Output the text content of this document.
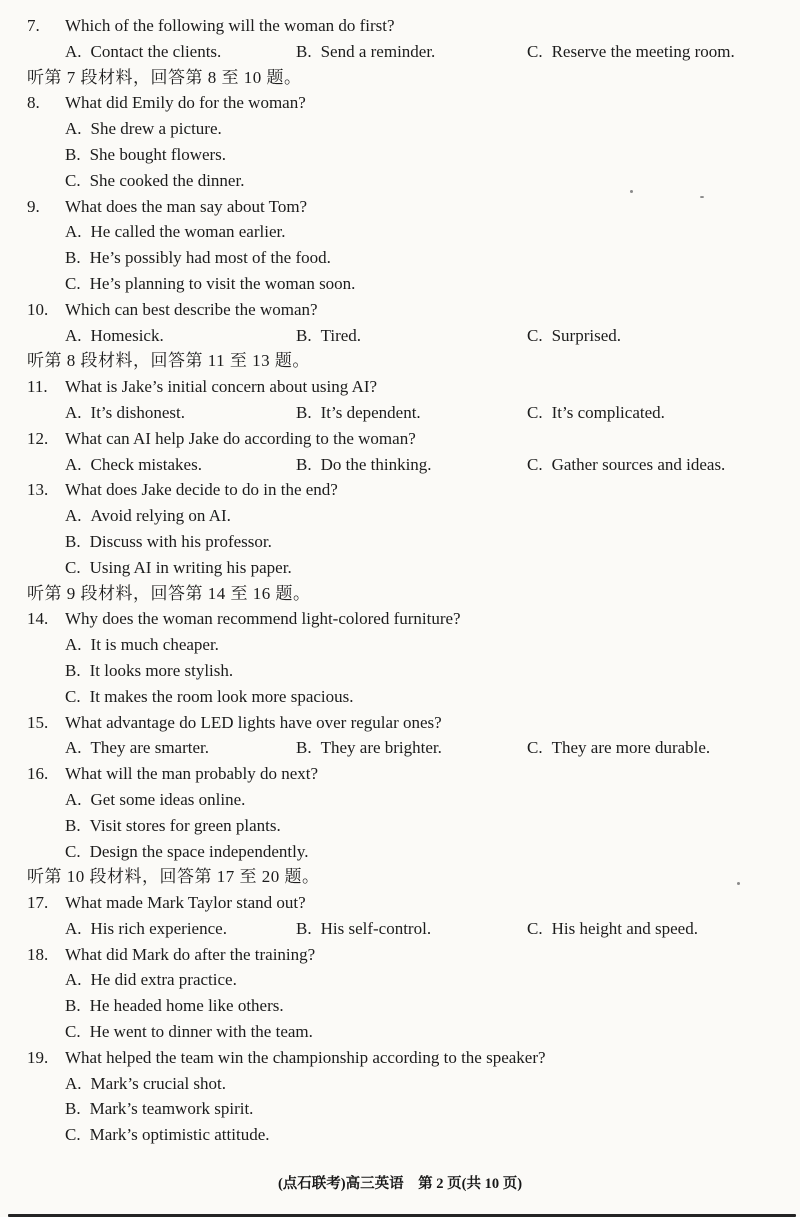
7.	Which of the following will the woman do first?
A. Contact the clients.	B. Send a reminder.	C. Reserve the meeting room.
听第 7 段材料，回答第 8 至 10 题。
8.	What did Emily do for the woman?
A. She drew a picture.
B. She bought flowers.
C. She cooked the dinner.
9.	What does the man say about Tom?
A. He called the woman earlier.
B. He’s possibly had most of the food.
C. He’s planning to visit the woman soon.
10. Which can best describe the woman?
A. Homesick.	B. Tired.	C. Surprised.
听第 8 段材料，回答第 11 至 13 题。
11.	What is Jake’s initial concern about using AI?
A. It’s dishonest.	B. It’s dependent.	C. It’s complicated.
12. What can AI help Jake do according to the woman?
A. Check mistakes.	B. Do the thinking.	C. Gather sources and ideas.
13. What does Jake decide to do in the end?
A. Avoid relying on AI.
B. Discuss with his professor.
C. Using AI in writing his paper.
听第 9 段材料，回答第 14 至 16 题。
14. Why does the woman recommend light-colored furniture?
A. It is much cheaper.
B. It looks more stylish.
C. It makes the room look more spacious.
15. What advantage do LED lights have over regular ones?
A. They are smarter.	B. They are brighter.	C. They are more durable.
16. What will the man probably do next?
A. Get some ideas online.
B. Visit stores for green plants.
C. Design the space independently.
听第 10 段材料，回答第 17 至 20 题。
17. What made Mark Taylor stand out?
A. His rich experience.	B. His self-control.	C. His height and speed.
18. What did Mark do after the training?
A. He did extra practice.
B. He headed home like others.
C. He went to dinner with the team.
19. What helped the team win the championship according to the speaker?
A. Mark’s crucial shot.
B. Mark’s teamwork spirit.
C. Mark’s optimistic attitude.
(点石联考)高三英语　第 2 页(共 10 页)
